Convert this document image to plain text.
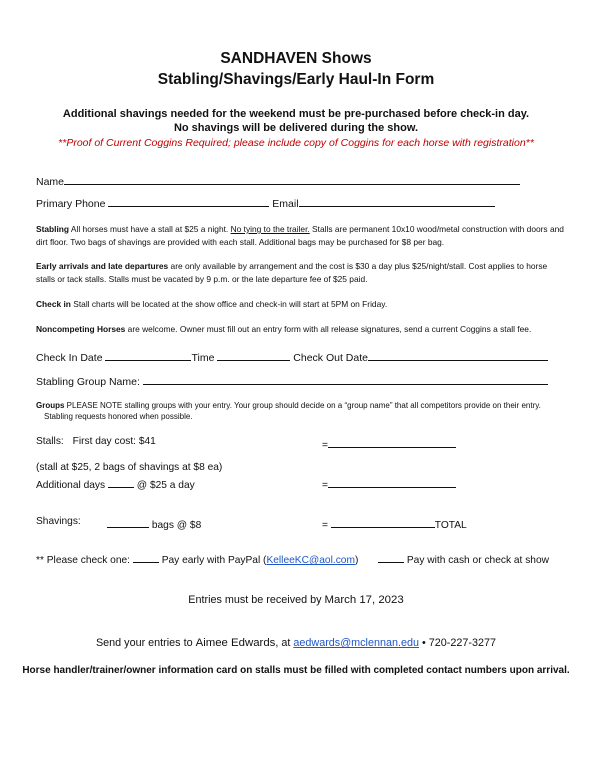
SANDHAVEN Shows
Stabling/Shavings/Early Haul-In Form
Additional shavings needed for the weekend must be pre-purchased before check-in day.
No shavings will be delivered during the show.
**Proof of Current Coggins Required; please include copy of Coggins for each horse with registration**
Name
Primary Phone	Email
Stabling All horses must have a stall at $25 a night. No tying to the trailer. Stalls are permanent 10x10 wood/metal construction with doors and dirt floor. Two bags of shavings are provided with each stall. Additional bags may be purchased for $8 per bag.
Early arrivals and late departures are only available by arrangement and the cost is $30 a day plus $25/night/stall. Cost applies to horse stalls or tack stalls. Stalls must be vacated by 9 p.m. or the late departure fee of $25 paid.
Check in Stall charts will be located at the show office and check-in will start at 5PM on Friday.
Noncompeting Horses are welcome. Owner must fill out an entry form with all release signatures, send a current Coggins a stall fee.
Check In Date	Time	Check Out Date
Stabling Group Name:
Groups PLEASE NOTE stalling groups with your entry. Your group should decide on a “group name” that all competitors provide on their entry.
Stabling requests honored when possible.
Stalls: First day cost: $41	=
(stall at $25, 2 bags of shavings at $8 ea)
Additional days	@ $25 a day	=
Shavings:	bags @ $8	=	TOTAL
** Please check one:	Pay early with PayPal (KelleeKC@aol.com)	Pay with cash or check at show
Entries must be received by March 17, 2023
Send your entries to Aimee Edwards, at aedwards@mclennan.edu • 720-227-3277
Horse handler/trainer/owner information card on stalls must be filled with completed contact numbers upon arrival.
